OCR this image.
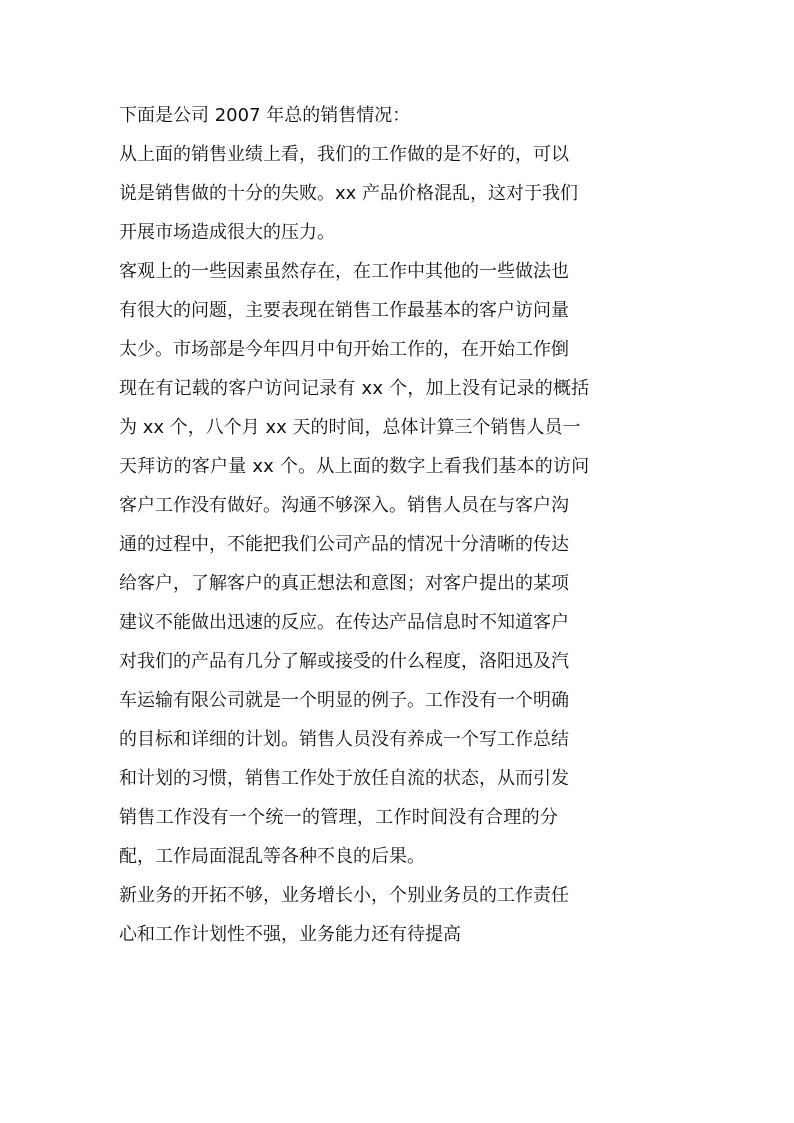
下面是公司 2007 年总的销售情况：
从上面的销售业绩上看，我们的工作做的是不好的，可以
说是销售做的十分的失败。xx 产品价格混乱，这对于我们
开展市场造成很大的压力。
客观上的一些因素虽然存在，在工作中其他的一些做法也
有很大的问题，主要表现在销售工作最基本的客户访问量
太少。市场部是今年四月中旬开始工作的，在开始工作倒
现在有记载的客户访问记录有 xx 个，加上没有记录的概括
为 xx 个，八个月 xx 天的时间，总体计算三个销售人员一
天拜访的客户量 xx 个。从上面的数字上看我们基本的访问
客户工作没有做好。沟通不够深入。销售人员在与客户沟
通的过程中，不能把我们公司产品的情况十分清晰的传达
给客户，了解客户的真正想法和意图；对客户提出的某项
建议不能做出迅速的反应。在传达产品信息时不知道客户
对我们的产品有几分了解或接受的什么程度，洛阳迅及汽
车运输有限公司就是一个明显的例子。工作没有一个明确
的目标和详细的计划。销售人员没有养成一个写工作总结
和计划的习惯，销售工作处于放任自流的状态，从而引发
销售工作没有一个统一的管理，工作时间没有合理的分
配，工作局面混乱等各种不良的后果。
新业务的开拓不够，业务增长小，个别业务员的工作责任
心和工作计划性不强，业务能力还有待提高
